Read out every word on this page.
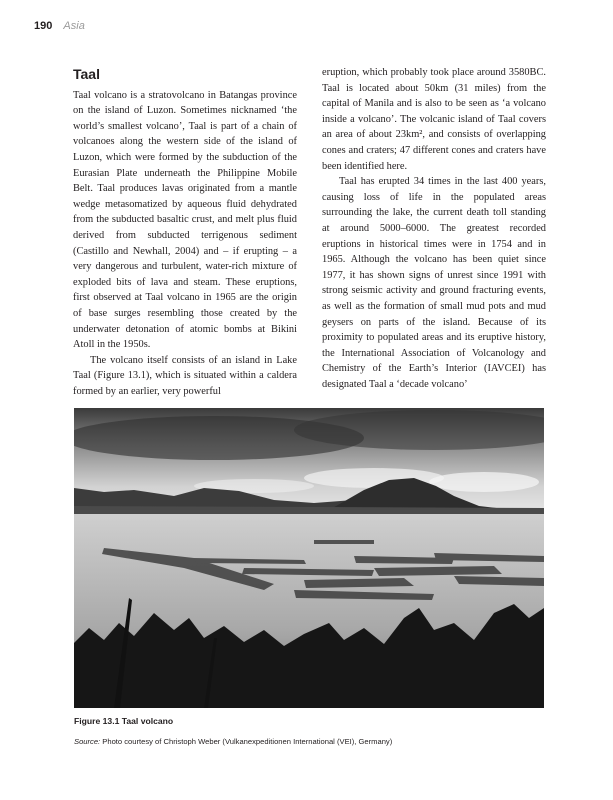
190 Asia
Taal

Taal volcano is a stratovolcano in Batangas province on the island of Luzon. Sometimes nicknamed ‘the world’s smallest volcano’, Taal is part of a chain of volcanoes along the western side of the island of Luzon, which were formed by the subduction of the Eurasian Plate underneath the Philippine Mobile Belt. Taal produces lavas originated from a mantle wedge metasomatized by aqueous fluid dehydrated from the subducted basaltic crust, and melt plus fluid derived from subducted terrigenous sediment (Castillo and Newhall, 2004) and – if erupting – a very dangerous and turbulent, water-rich mixture of exploded bits of lava and steam. These eruptions, first observed at Taal volcano in 1965 are the origin of base surges resembling those created by the underwater detonation of atomic bombs at Bikini Atoll in the 1950s.

The volcano itself consists of an island in Lake Taal (Figure 13.1), which is situated within a caldera formed by an earlier, very powerful

eruption, which probably took place around 3580BC. Taal is located about 50km (31 miles) from the capital of Manila and is also to be seen as ‘a volcano inside a volcano’. The volcanic island of Taal covers an area of about 23km², and consists of overlapping cones and craters; 47 different cones and craters have been identified here.

Taal has erupted 34 times in the last 400 years, causing loss of life in the populated areas surrounding the lake, the current death toll standing at around 5000–6000. The greatest recorded eruptions in historical times were in 1754 and in 1965. Although the volcano has been quiet since 1977, it has shown signs of unrest since 1991 with strong seismic activity and ground fracturing events, as well as the formation of small mud pots and mud geysers on parts of the island. Because of its proximity to populated areas and its eruptive history, the International Association of Volcanology and Chemistry of the Earth’s Interior (IAVCEI) has designated Taal a ‘decade volcano’

Figure 13.1 Taal volcano
Source: Photo courtesy of Christoph Weber (Vulkanexpeditionen International (VEI), Germany)
